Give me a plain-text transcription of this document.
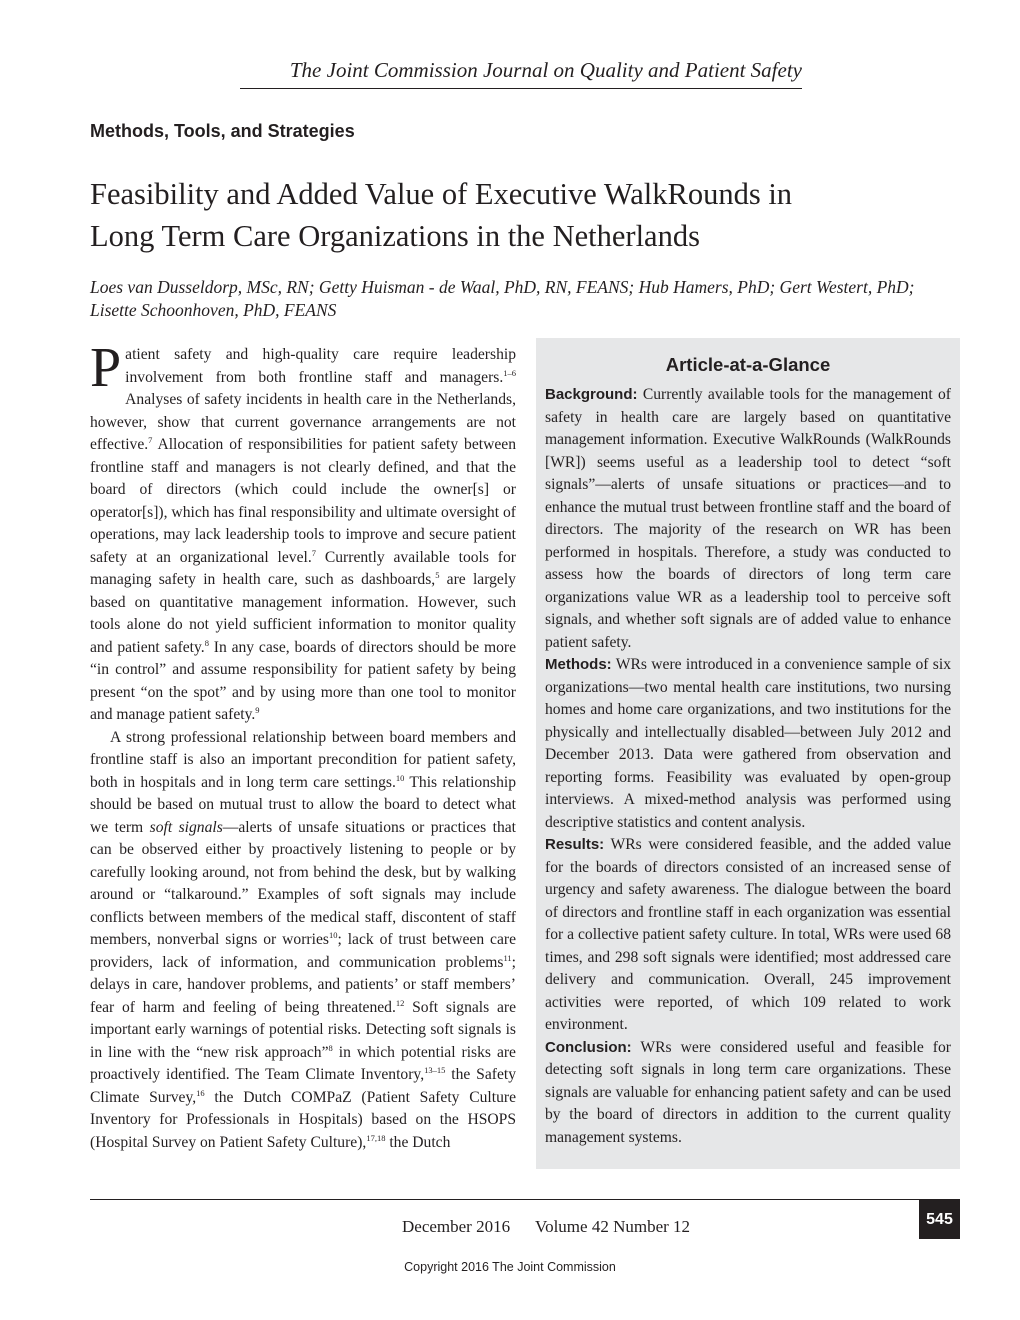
The Joint Commission Journal on Quality and Patient Safety
Methods, Tools, and Strategies
Feasibility and Added Value of Executive WalkRounds in
Long Term Care Organizations in the Netherlands
Loes van Dusseldorp, MSc, RN; Getty Huisman - de Waal, PhD, RN, FEANS; Hub Hamers, PhD; Gert Westert, PhD;
Lisette Schoonhoven, PhD, FEANS

Patient safety and high-quality care require leadership involvement from both frontline staff and managers.$^{1-6}$ Analyses of safety incidents in health care in the Netherlands, however, show that current governance arrangements are not effective.$^7$ Allocation of responsibilities for patient safety between frontline staff and managers is not clearly defined, and that the board of directors (which could include the owner[s] or operator[s]), which has final responsibility and ultimate oversight of operations, may lack leadership tools to improve and secure patient safety at an organizational level.$^7$ Currently available tools for managing safety in health care, such as dashboards,$^5$ are largely based on quantitative management information. However, such tools alone do not yield sufficient information to monitor quality and patient safety.$^8$ In any case, boards of directors should be more “in control” and assume responsibility for patient safety by being present “on the spot” and by using more than one tool to monitor and manage patient safety.$^9$

A strong professional relationship between board members and frontline staff is also an important precondition for patient safety, both in hospitals and in long term care settings.$^{10}$ This relationship should be based on mutual trust to allow the board to detect what we term soft signals—alerts of unsafe situations or practices that can be observed either by proactively listening to people or by carefully looking around, not from behind the desk, but by walking around or “talkaround.” Examples of soft signals may include conflicts between members of the medical staff, discontent of staff members, nonverbal signs or worries$^{10}$; lack of trust between care providers, lack of information, and communication problems$^{11}$; delays in care, handover problems, and patients’ or staff members’ fear of harm and feeling of being threatened.$^{12}$ Soft signals are important early warnings of potential risks. Detecting soft signals is in line with the “new risk approach”$^8$ in which potential risks are proactively identified. The Team Climate Inventory,$^{13-15}$ the Safety Climate Survey,$^{16}$ the Dutch COMPaZ (Patient Safety Culture Inventory for Professionals in Hospitals) based on the HSOPS (Hospital Survey on Patient Safety Culture),$^{17,18}$ the Dutch

Article-at-a-Glance

Background: Currently available tools for the management of safety in health care are largely based on quantitative management information. Executive WalkRounds (WalkRounds [WR]) seems useful as a leadership tool to detect “soft signals”—alerts of unsafe situations or practices—and to enhance the mutual trust between frontline staff and the board of directors. The majority of the research on WR has been performed in hospitals. Therefore, a study was conducted to assess how the boards of directors of long term care organizations value WR as a leadership tool to perceive soft signals, and whether soft signals are of added value to enhance patient safety.

Methods: WRs were introduced in a convenience sample of six organizations—two mental health care institutions, two nursing homes and home care organizations, and two institutions for the physically and intellectually disabled—between July 2012 and December 2013. Data were gathered from observation and reporting forms. Feasibility was evaluated by open-group interviews. A mixed-method analysis was performed using descriptive statistics and content analysis.

Results: WRs were considered feasible, and the added value for the boards of directors consisted of an increased sense of urgency and safety awareness. The dialogue between the board of directors and frontline staff in each organization was essential for a collective patient safety culture. In total, WRs were used 68 times, and 298 soft signals were identified; most addressed care delivery and communication. Overall, 245 improvement activities were reported, of which 109 related to work environment.

Conclusion: WRs were considered useful and feasible for detecting soft signals in long term care organizations. These signals are valuable for enhancing patient safety and can be used by the board of directors in addition to the current quality management systems.

December 2016 Volume 42 Number 12	545
Copyright 2016 The Joint Commission
